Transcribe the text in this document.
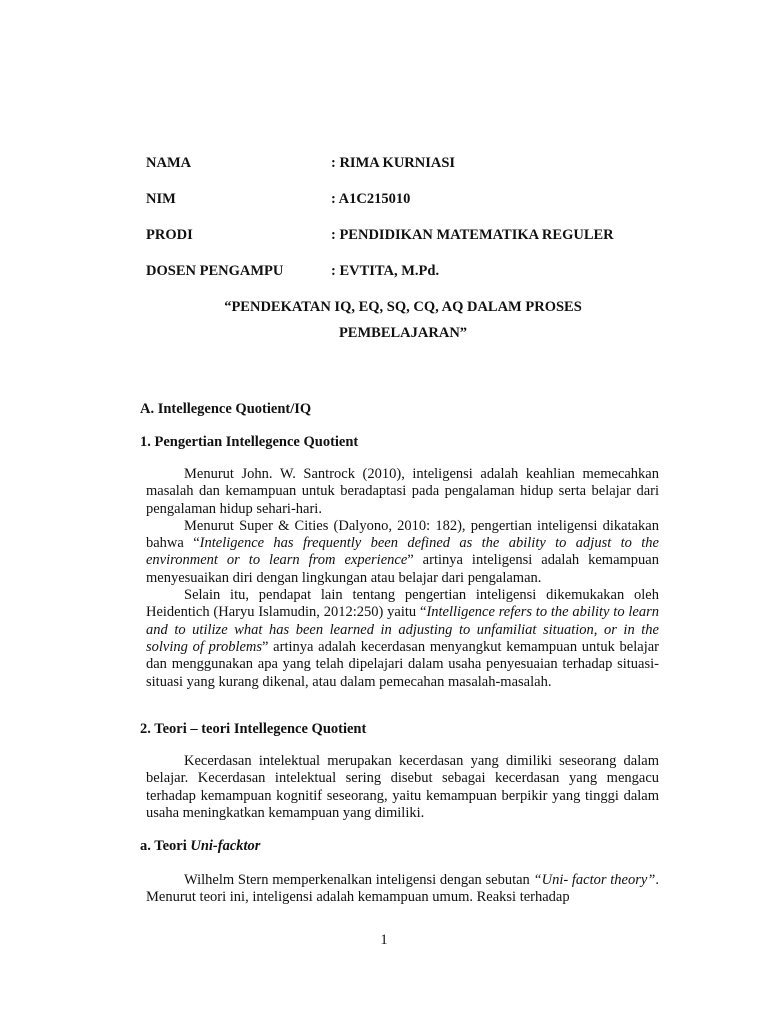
NAMA	: RIMA KURNIASI
NIM	: A1C215010
PRODI	: PENDIDIKAN MATEMATIKA REGULER
DOSEN PENGAMPU	: EVTITA, M.Pd.
“PENDEKATAN IQ, EQ, SQ, CQ, AQ DALAM PROSES
PEMBELAJARAN”
A. Intellegence Quotient/IQ
1. Pengertian Intellegence Quotient

Menurut John. W. Santrock (2010), inteligensi adalah keahlian memecahkan masalah dan kemampuan untuk beradaptasi pada pengalaman hidup serta belajar dari pengalaman hidup sehari-hari.

Menurut Super & Cities (Dalyono, 2010: 182), pengertian inteligensi dikatakan bahwa “Inteligence has frequently been defined as the ability to adjust to the environment or to learn from experience” artinya inteligensi adalah kemampuan menyesuaikan diri dengan lingkungan atau belajar dari pengalaman.

Selain itu, pendapat lain tentang pengertian inteligensi dikemukakan oleh Heidentich (Haryu Islamudin, 2012:250) yaitu “Intelligence refers to the ability to learn and to utilize what has been learned in adjusting to unfamiliat situation, or in the solving of problems” artinya adalah kecerdasan menyangkut kemampuan untuk belajar dan menggunakan apa yang telah dipelajari dalam usaha penyesuaian terhadap situasi-situasi yang kurang dikenal, atau dalam pemecahan masalah-masalah.

2. Teori – teori Intellegence Quotient

Kecerdasan intelektual merupakan kecerdasan yang dimiliki seseorang dalam belajar. Kecerdasan intelektual sering disebut sebagai kecerdasan yang mengacu terhadap kemampuan kognitif seseorang, yaitu kemampuan berpikir yang tinggi dalam usaha meningkatkan kemampuan yang dimiliki.

a. Teori Uni-facktor

Wilhelm Stern memperkenalkan inteligensi dengan sebutan “Uni- factor theory”. Menurut teori ini, inteligensi adalah kemampuan umum. Reaksi terhadap

1
